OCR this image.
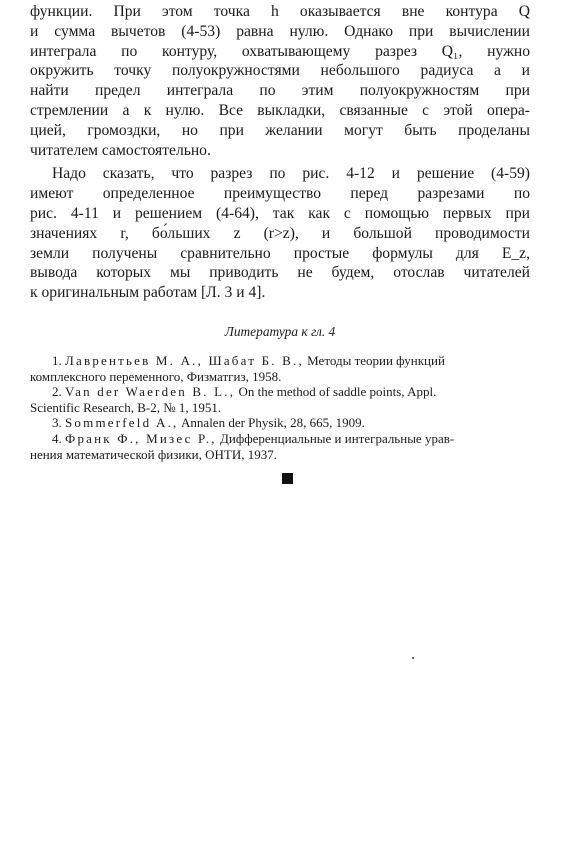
функции. При этом точка h оказывается вне контура Q
и сумма вычетов (4-53) равна нулю. Однако при вычислении
интеграла по контуру, охватывающему разрез Q₁, нужно
окружить точку полуокружностями небольшого радиуса a и
найти предел интеграла по этим полуокружностям при
стремлении a к нулю. Все выкладки, связанные с этой опера-
цией, громоздки, но при желании могут быть проделаны
читателем самостоятельно.

Надо сказать, что разрез по рис. 4-12 и решение (4-59)
имеют определенное преимущество перед разрезами по
рис. 4-11 и решением (4-64), так как с помощью первых при
значениях r, бо́льших z (r>z), и большой проводимости
земли получены сравнительно простые формулы для E_z,
вывода которых мы приводить не будем, отослав читателей
к оригинальным работам [Л. 3 и 4].

Литература к гл. 4
1. Лаврентьев М. А., Шабат Б. В., Методы теории функций
комплексного переменного, Физматгиз, 1958.
2. Van der Waerden B. L., On the method of saddle points, Appl.
Scientific Research, B-2, № 1, 1951.
3. Sommerfeld A., Annalen der Physik, 28, 665, 1909.
4. Франк Ф., Мизес Р., Дифференциальные и интегральные урав-
нения математической физики, ОНТИ, 1937.
